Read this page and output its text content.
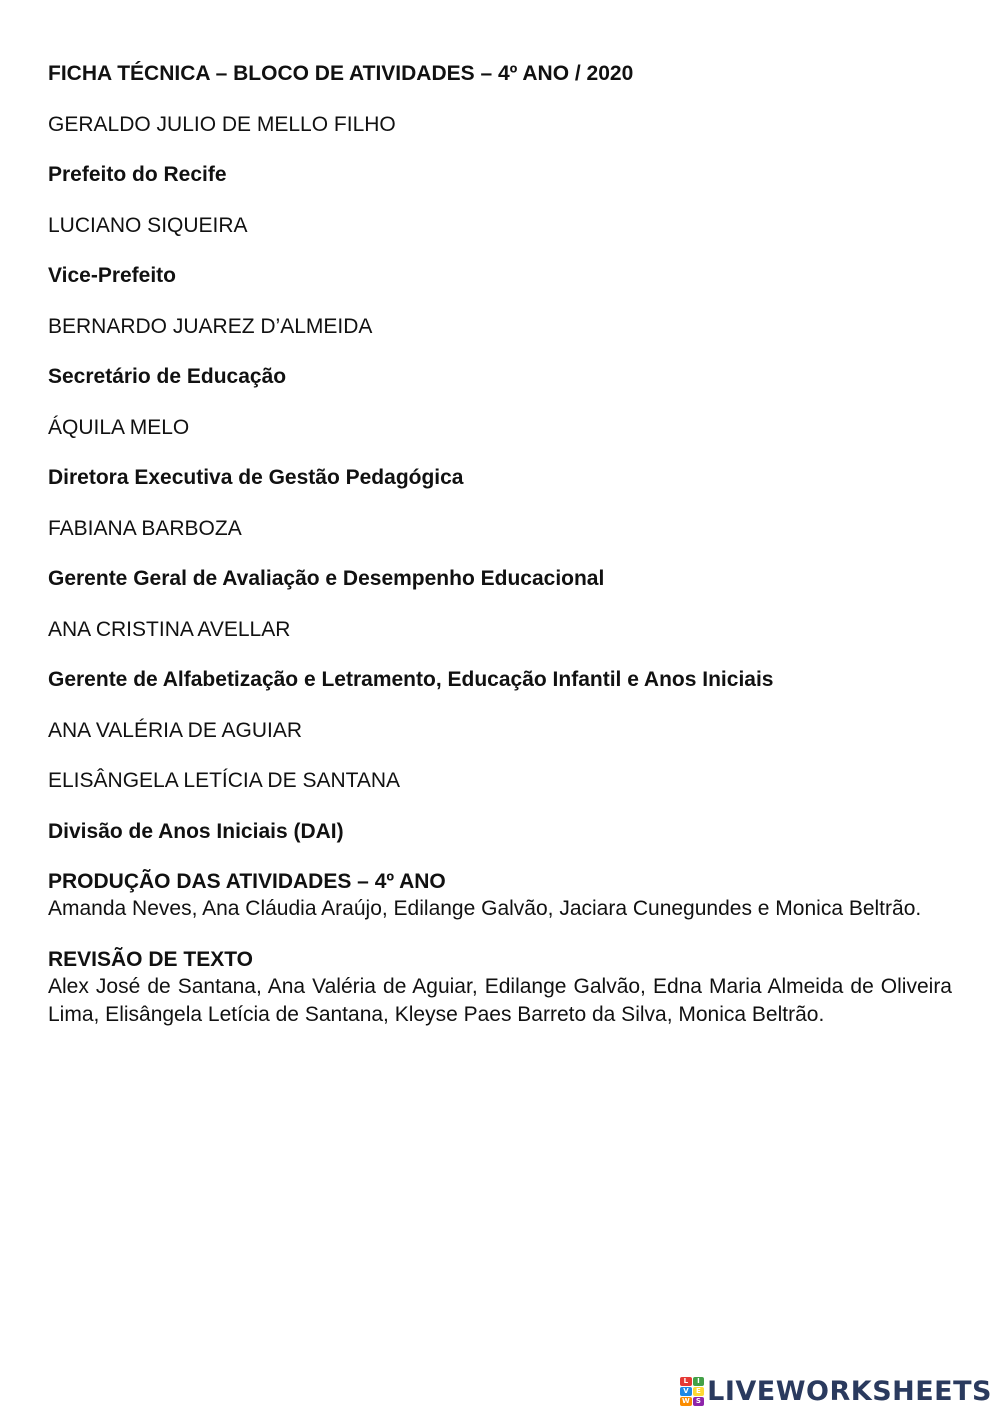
FICHA TÉCNICA – BLOCO DE ATIVIDADES – 4º ANO / 2020

GERALDO JULIO DE MELLO FILHO

Prefeito do Recife

LUCIANO SIQUEIRA

Vice-Prefeito

BERNARDO JUAREZ D’ALMEIDA

Secretário de Educação

ÁQUILA MELO

Diretora Executiva de Gestão Pedagógica

FABIANA BARBOZA

Gerente Geral de Avaliação e Desempenho Educacional

ANA CRISTINA AVELLAR

Gerente de Alfabetização e Letramento, Educação Infantil e Anos Iniciais

ANA VALÉRIA DE AGUIAR

ELISÂNGELA LETÍCIA DE SANTANA

Divisão de Anos Iniciais (DAI)

PRODUÇÃO DAS ATIVIDADES – 4º ANO

Amanda Neves, Ana Cláudia Araújo, Edilange Galvão, Jaciara Cunegundes e Monica Beltrão.

REVISÃO DE TEXTO

Alex José de Santana, Ana Valéria de Aguiar, Edilange Galvão, Edna Maria Almeida de Oliveira Lima, Elisângela Letícia de Santana, Kleyse Paes Barreto da Silva, Monica Beltrão.

L	I
V	E
W S LIVEWORKSHEETS
